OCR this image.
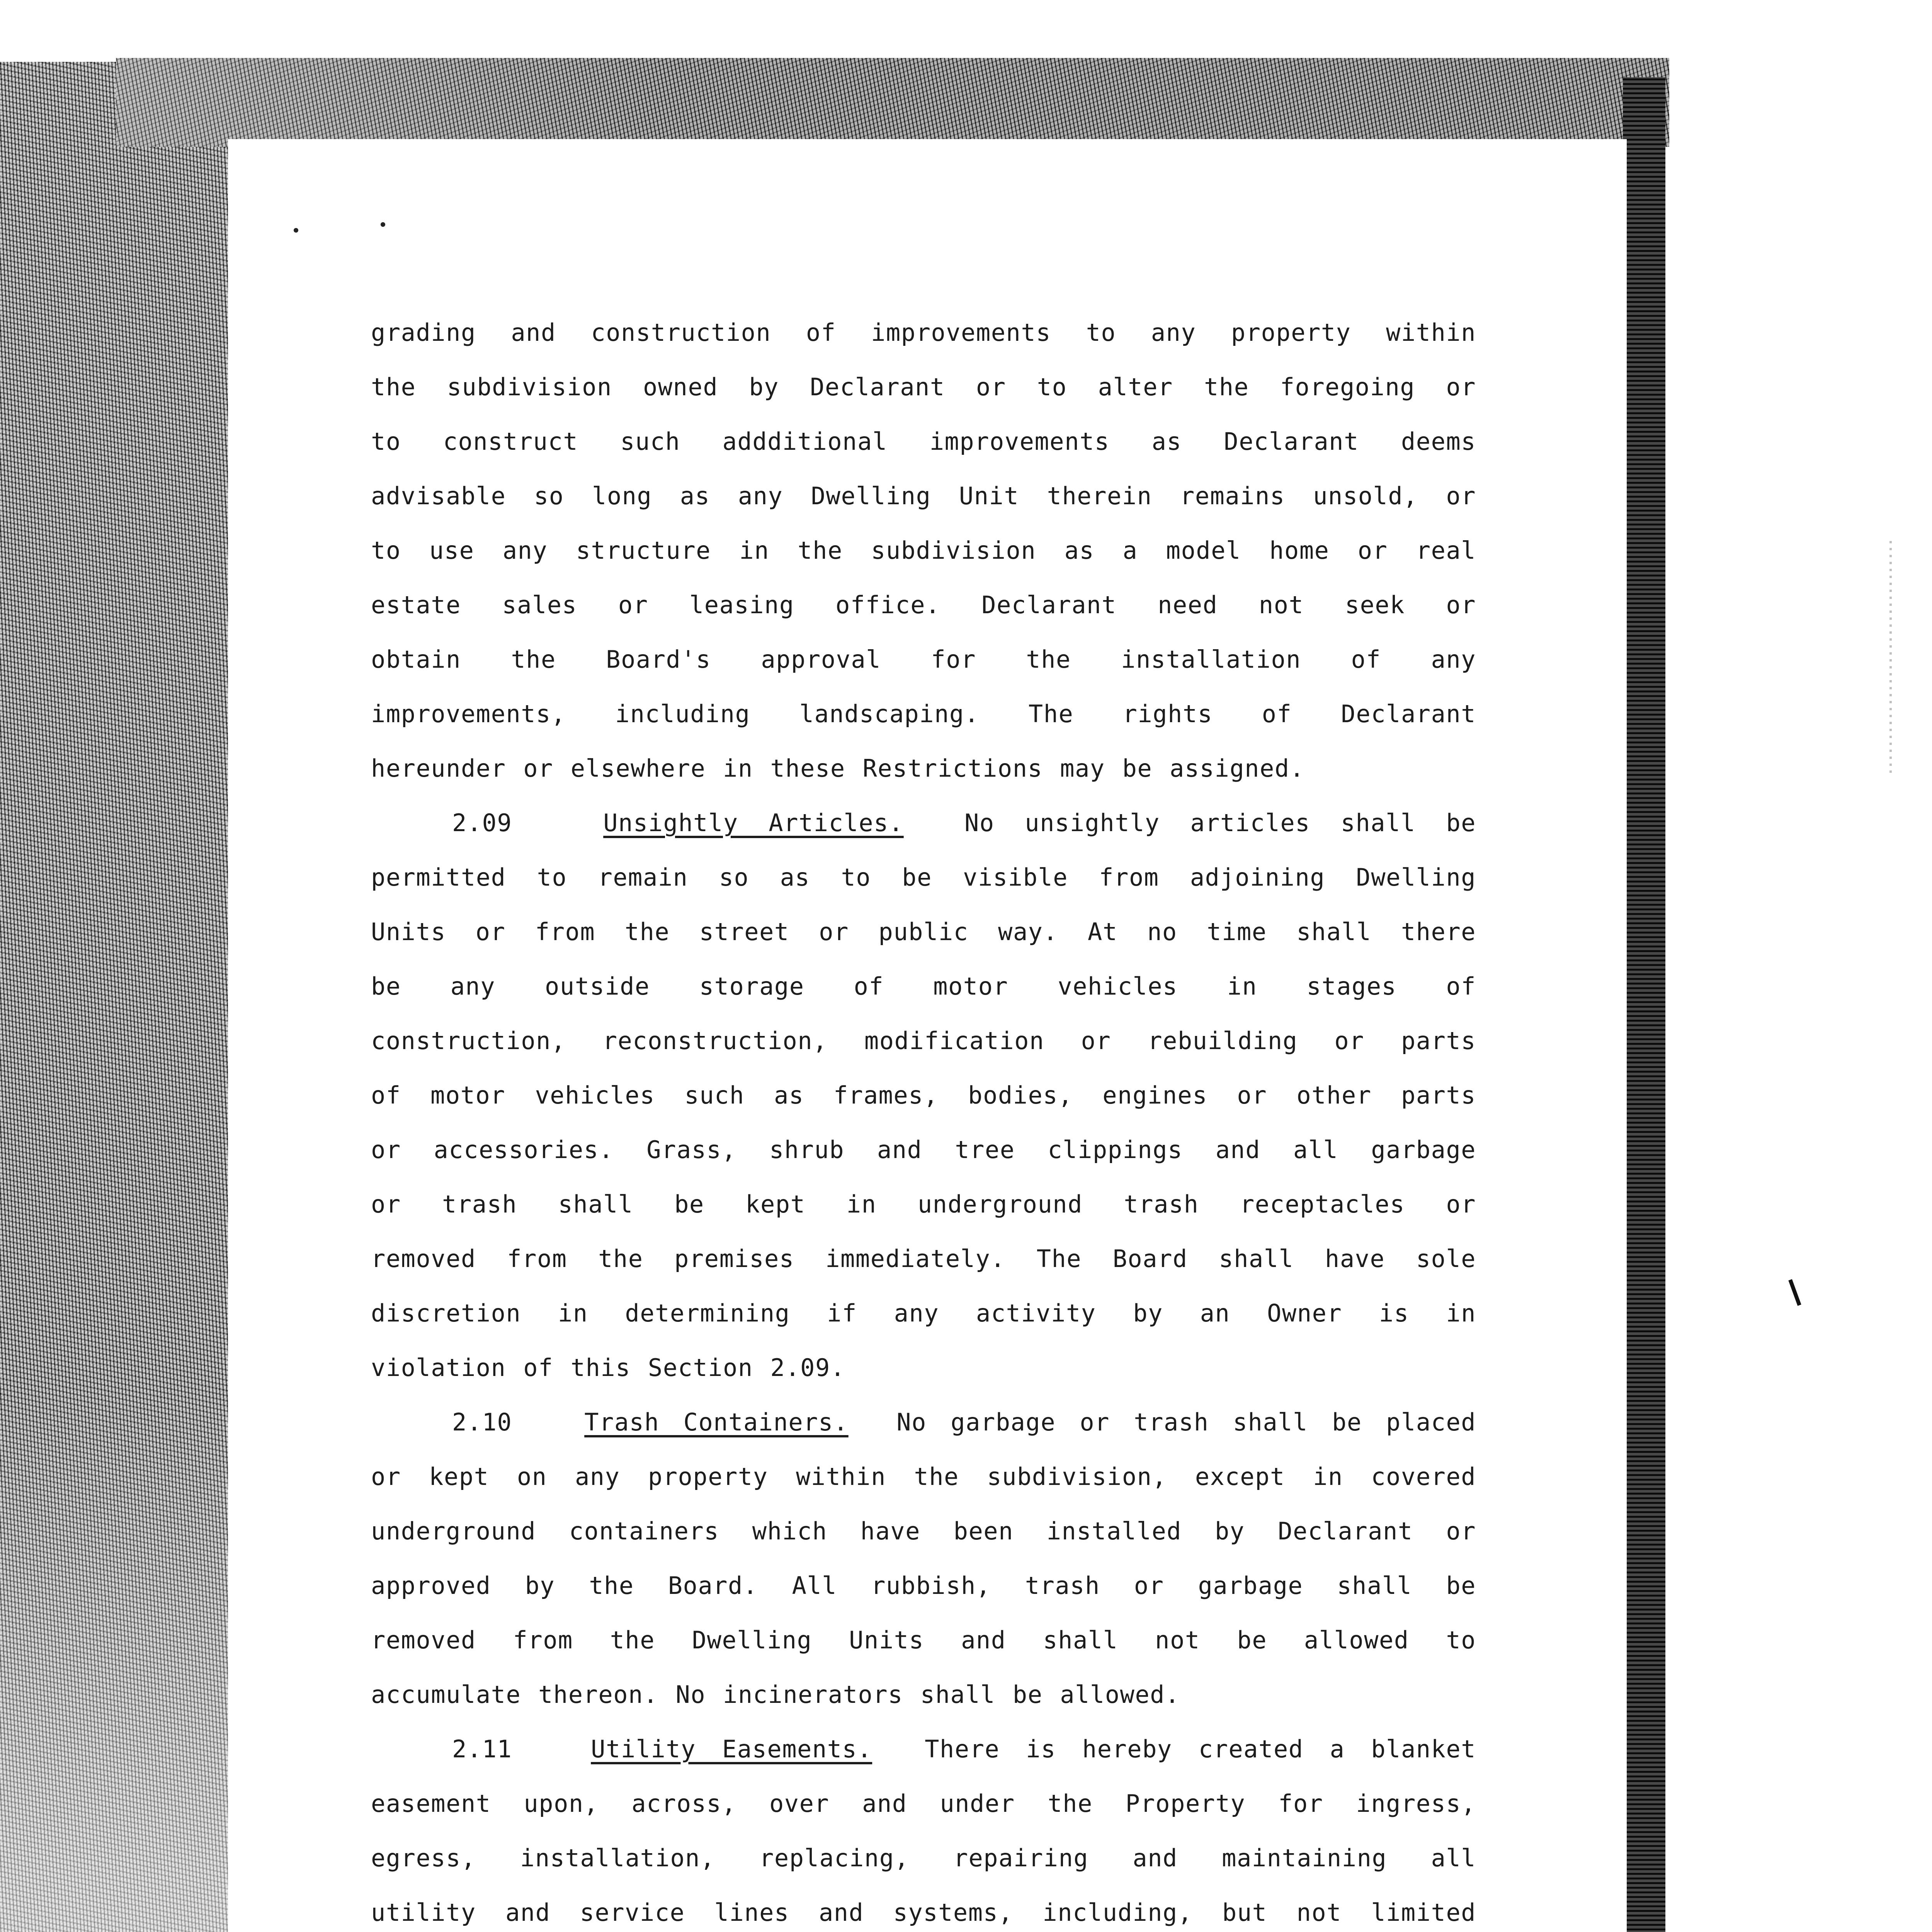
grading and construction of improvements to any property within
the subdivision owned by Declarant or to alter the foregoing or
to construct such addditional improvements as Declarant deems
advisable so long as any Dwelling Unit therein remains unsold, or
to use any structure in the subdivision as a model home or real
estate sales or leasing office. Declarant need not seek or
obtain the Board's approval for the installation of any
improvements, including landscaping. The rights of Declarant
hereunder or elsewhere in these Restrictions may be assigned.
2.09	Unsightly Articles.	No unsightly articles shall be
permitted to remain so as to be visible from adjoining Dwelling
Units or from the street or public way. At no time shall there
be any outside storage of motor vehicles in stages of
construction, reconstruction, modification or rebuilding or parts
of motor vehicles such as frames, bodies, engines or other parts
or accessories. Grass, shrub and tree clippings and all garbage
or trash shall be kept in underground trash receptacles or
removed from the premises immediately. The Board shall have sole
discretion in determining if any activity by an Owner is in
violation of this Section 2.09.
2.10	Trash Containers. No garbage or trash shall be placed
or kept on any property within the subdivision, except in covered
underground containers which have been installed by Declarant or
approved by the Board. All rubbish, trash or garbage shall be
removed from the Dwelling Units and shall not be allowed to
accumulate thereon. No incinerators shall be allowed.
2.11	Utility Easements. There is hereby created a blanket
easement upon, across, over and under the Property for ingress,
egress, installation, replacing, repairing and maintaining all
utility and service lines and systems, including, but not limited
